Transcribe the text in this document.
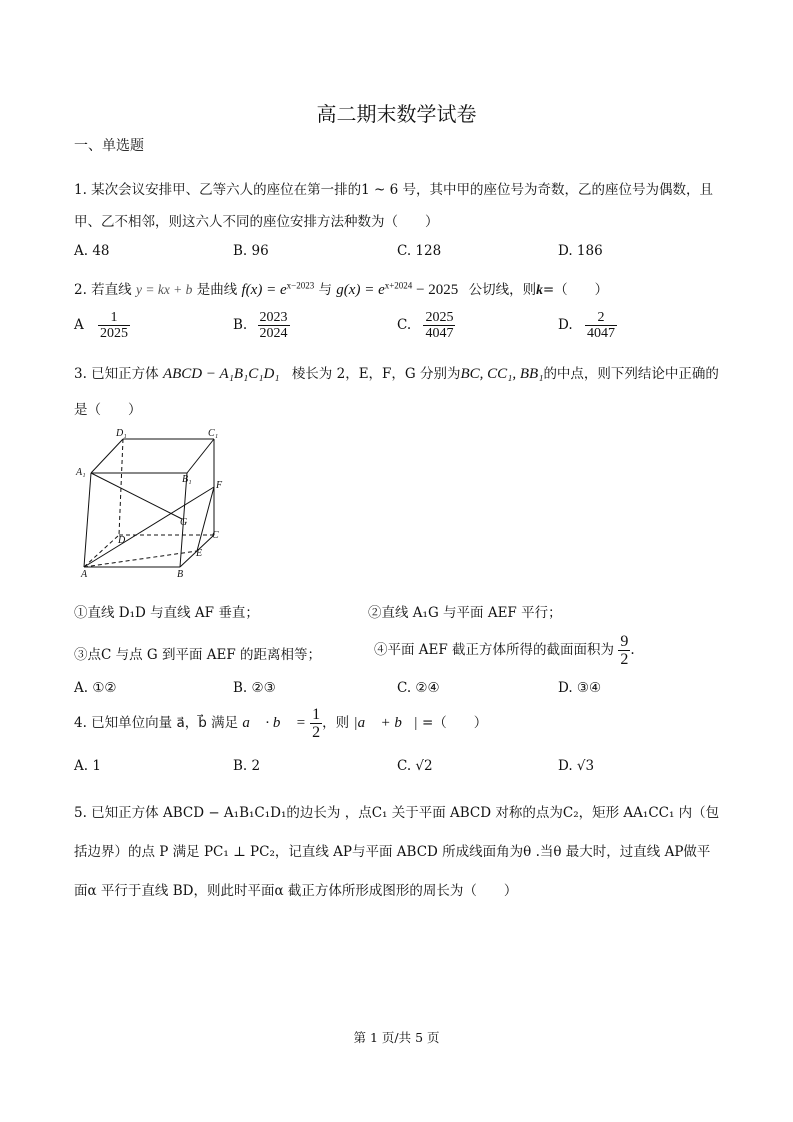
高二期末数学试卷
一、单选题
1. 某次会议安排甲、乙等六人的座位在第一排的1 ~ 6 号，其中甲的座位号为奇数，乙的座位号为偶数，且
甲、乙不相邻，则这六人不同的座位安排方法种数为（　　）
A. 48	B. 96	C. 128	D. 186
2. 若直线 y = kx + b 是曲线 $f(x) = e^{x-2023}$ 与 $g(x) = e^{x+2024} - 2025$ 公切线，则k=（　　）
A $\frac{1}{2025}$	B. $\frac{2023}{2024}$	C. $\frac{2025}{4047}$	D. $\frac{2}{4047}$
3. 已知正方体 ABCD − A₁B₁C₁D₁ 棱长为 2，E，F，G 分别为BC, CC₁, BB₁的中点，则下列结论中正确的
是（　　）
D₁	C₁
A₁
B₁
F
G
D	C
E
A	B
①直线 D₁D 与直线 AF 垂直；	②直线 A₁G 与平面 AEF 平行；
③点C 与点 G 到平面 AEF 的距离相等；	④平面 AEF 截正方体所得的截面面积为 $\frac{9}{2}$ .
A. ①②	B. ②③	C. ②④	D. ③④
4. 已知单位向量 a⃗，b⃗ 满足 a⃗ · b⃗ = $\frac{1}{2}$ ，则 |a⃗ + b⃗| =（　　）
A. 1	B. 2	C. √2	D. √3
5. 已知正方体 ABCD − A₁B₁C₁D₁的边长为 ，点C₁ 关于平面 ABCD 对称的点为C₂，矩形 AA₁CC₁ 内（包
括边界）的点 P 满足 PC₁ ⊥ PC₂，记直线 AP与平面 ABCD 所成线面角为θ .当θ 最大时，过直线 AP做平
面α 平行于直线 BD，则此时平面α 截正方体所形成图形的周长为（　　）
第 1 页/共 5 页
